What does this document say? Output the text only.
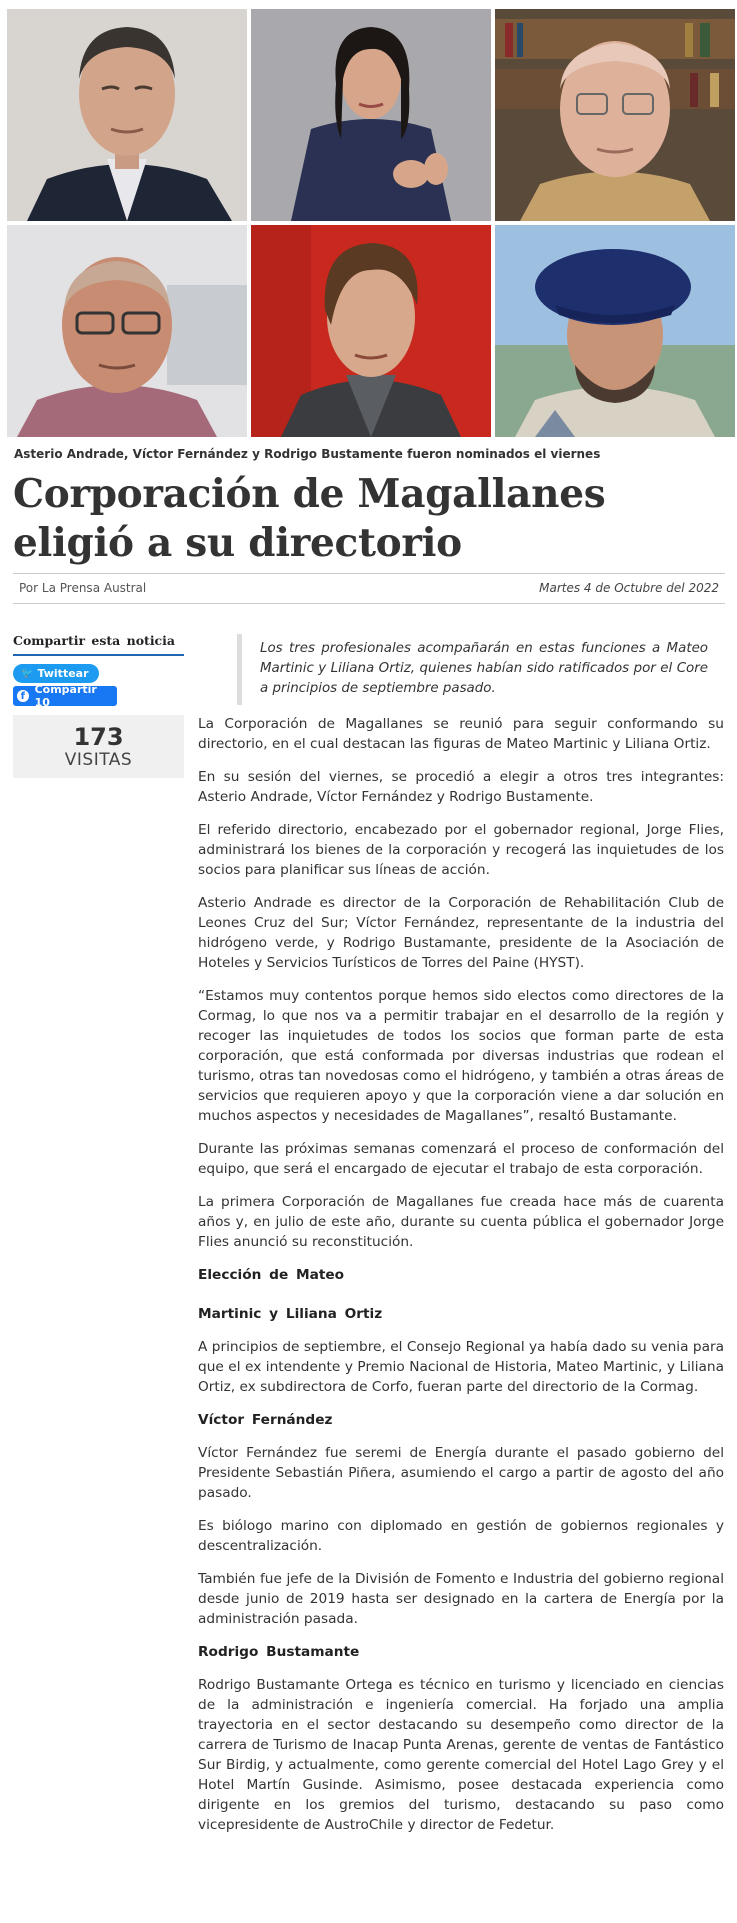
Asterio Andrade, Víctor Fernández y Rodrigo Bustamente fueron nominados el viernes
Corporación de Magallanes eligió a su directorio
Por La Prensa Austral	Martes 4 de Octubre del 2022
Compartir esta noticia
🐦 Twittear
f Compartir 10
173
VISITAS
Los tres profesionales acompañarán en estas funciones a Mateo Martinic y Liliana Ortiz, quienes habían sido ratificados por el Core a principios de septiembre pasado.

La Corporación de Magallanes se reunió para seguir conformando su directorio, en el cual destacan las figuras de Mateo Martinic y Liliana Ortiz.

En su sesión del viernes, se procedió a elegir a otros tres integrantes: Asterio Andrade, Víctor Fernández y Rodrigo Bustamente.

El referido directorio, encabezado por el gobernador regional, Jorge Flies, administrará los bienes de la corporación y recogerá las inquietudes de los socios para planificar sus líneas de acción.

Asterio Andrade es director de la Corporación de Rehabilitación Club de Leones Cruz del Sur; Víctor Fernández, representante de la industria del hidrógeno verde, y Rodrigo Bustamante, presidente de la Asociación de Hoteles y Servicios Turísticos de Torres del Paine (HYST).

“Estamos muy contentos porque hemos sido electos como directores de la Cormag, lo que nos va a permitir trabajar en el desarrollo de la región y recoger las inquietudes de todos los socios que forman parte de esta corporación, que está conformada por diversas industrias que rodean el turismo, otras tan novedosas como el hidrógeno, y también a otras áreas de servicios que requieren apoyo y que la corporación viene a dar solución en muchos aspectos y necesidades de Magallanes”, resaltó Bustamante.

Durante las próximas semanas comenzará el proceso de conformación del equipo, que será el encargado de ejecutar el trabajo de esta corporación.

La primera Corporación de Magallanes fue creada hace más de cuarenta años y, en julio de este año, durante su cuenta pública el gobernador Jorge Flies anunció su reconstitución.

Elección de Mateo
Martinic y Liliana Ortiz

A principios de septiembre, el Consejo Regional ya había dado su venia para que el ex intendente y Premio Nacional de Historia, Mateo Martinic, y Liliana Ortiz, ex subdirectora de Corfo, fueran parte del directorio de la Cormag.

Víctor Fernández

Víctor Fernández fue seremi de Energía durante el pasado gobierno del Presidente Sebastián Piñera, asumiendo el cargo a partir de agosto del año pasado.

Es biólogo marino con diplomado en gestión de gobiernos regionales y descentralización.

También fue jefe de la División de Fomento e Industria del gobierno regional desde junio de 2019 hasta ser designado en la cartera de Energía por la administración pasada.

Rodrigo Bustamante

Rodrigo Bustamante Ortega es técnico en turismo y licenciado en ciencias de la administración e ingeniería comercial. Ha forjado una amplia trayectoria en el sector destacando su desempeño como director de la carrera de Turismo de Inacap Punta Arenas, gerente de ventas de Fantástico Sur Birdig, y actualmente, como gerente comercial del Hotel Lago Grey y el Hotel Martín Gusinde. Asimismo, posee destacada experiencia como dirigente en los gremios del turismo, destacando su paso como vicepresidente de AustroChile y director de Fedetur.
